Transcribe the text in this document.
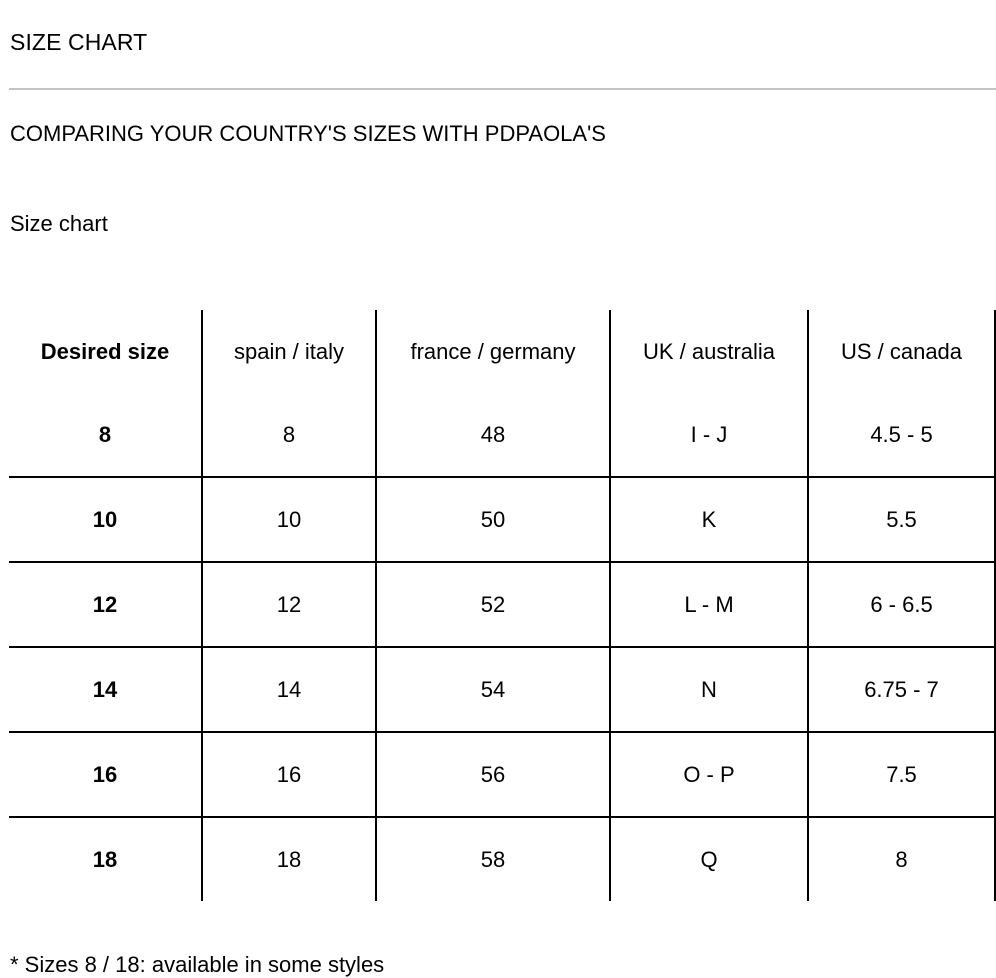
SIZE CHART
COMPARING YOUR COUNTRY'S SIZES WITH PDPAOLA'S
Size chart
Desired size	spain / italy	france / germany	UK / australia	US / canada
8	8	48	I - J	4.5 - 5
10	10	50	K	5.5
12	12	52	L - M	6 - 6.5
14	14	54	N	6.75 - 7
16	16	56	O - P	7.5
18	18	58	Q	8
* Sizes 8 / 18: available in some styles
